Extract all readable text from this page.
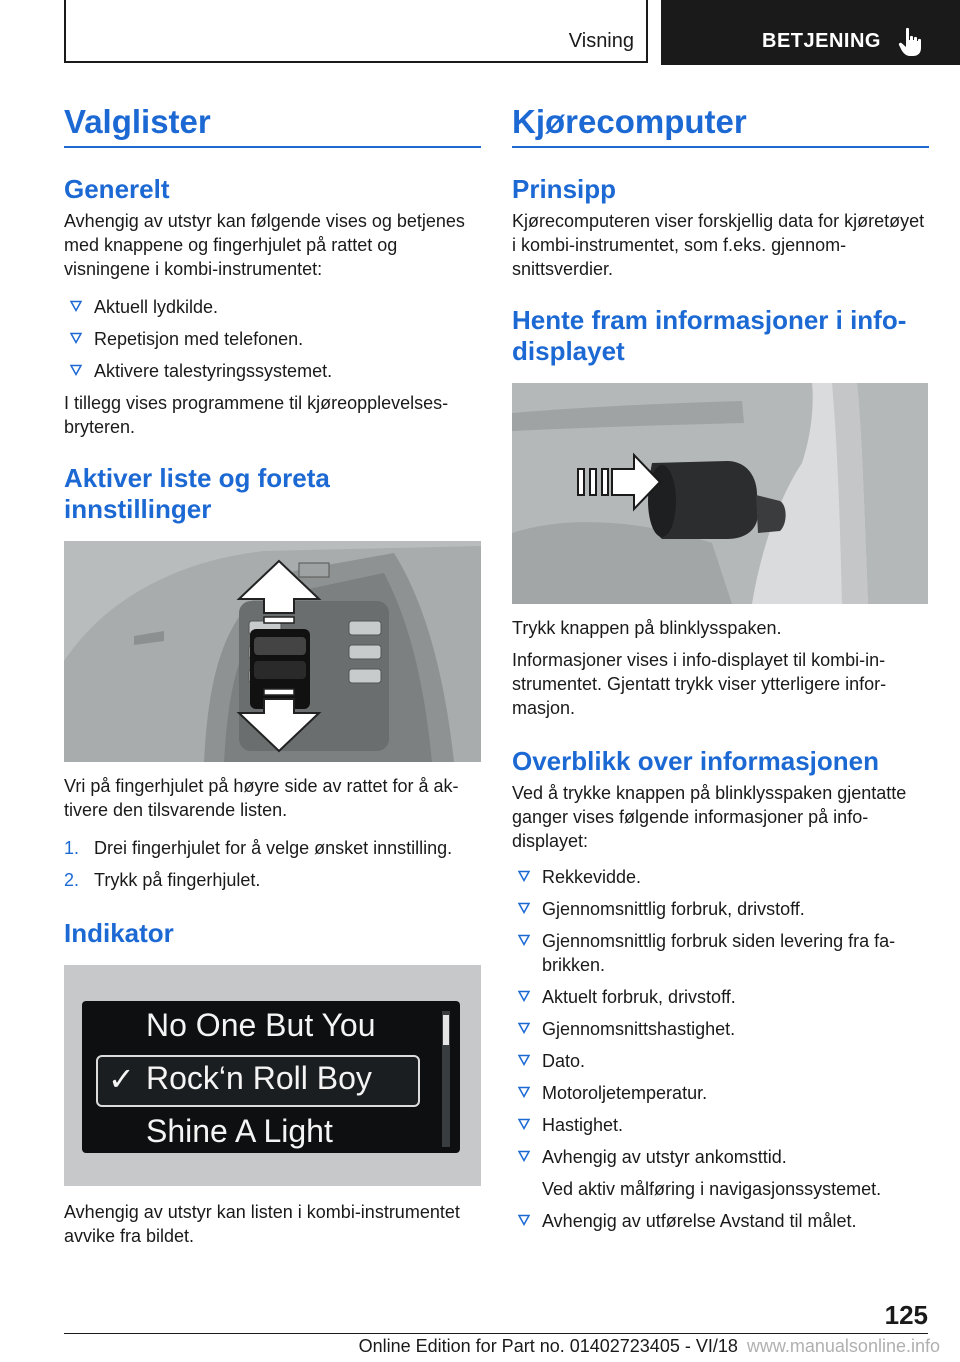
Visning	BETJENING
Valglister
Generelt

Avhengig av utstyr kan følgende vises og betjenes med knappene og fingerhjulet på rattet og visningene i kombi-instrumentet:

Aktuell lydkilde.
Repetisjon med telefonen.
Aktivere talestyringssystemet.

I tillegg vises programmene til kjøreopplevelsesbryteren.

Aktiver liste og foreta innstillinger

Vri på fingerhjulet på høyre side av rattet for å aktivere den tilsvarende listen.

1. Drei fingerhjulet for å velge ønsket innstilling.
2. Trykk på fingerhjulet.
Indikator
No One But You
✓ Rock‘n Roll Boy
Shine A Light

Avhengig av utstyr kan listen i kombi-instrumentet avvike fra bildet.

Kjørecomputer
Prinsipp

Kjørecomputeren viser forskjellig data for kjøretøyet i kombi-instrumentet, som f.eks. gjennomsnittsverdier.

Hente fram informasjoner i infodisplayet

Trykk knappen på blinklysspaken.

Informasjoner vises i info-displayet til kombi-instrumentet. Gjentatt trykk viser ytterligere informasjon.

Overblikk over informasjonen

Ved å trykke knappen på blinklysspaken gjentatte ganger vises følgende informasjoner på info-displayet:

Rekkevidde.
Gjennomsnittlig forbruk, drivstoff.
Gjennomsnittlig forbruk siden levering fra fabrikken.
Aktuelt forbruk, drivstoff.
Gjennomsnittshastighet.
Dato.
Motoroljetemperatur.
Hastighet.
Avhengig av utstyr ankomsttid.
Ved aktiv målføring i navigasjonssystemet.
Avhengig av utførelse Avstand til målet.
125
Online Edition for Part no. 01402723405 - VI/18 www.manualsonline.info
